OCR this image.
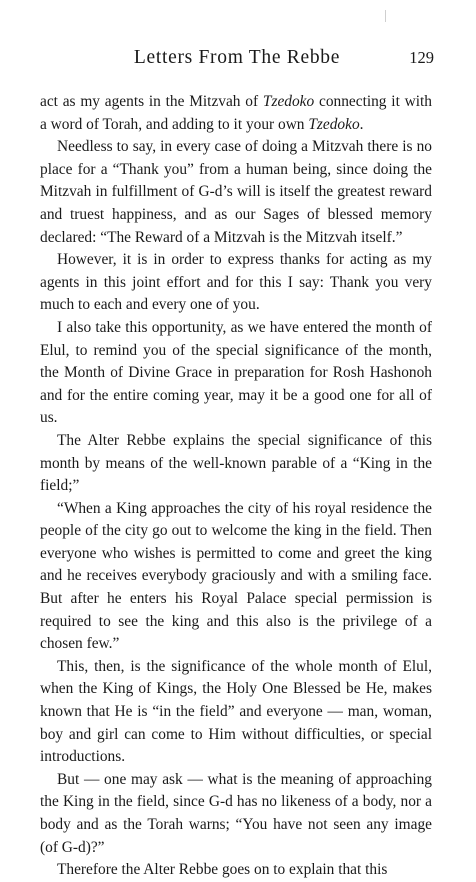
Letters From The Rebbe	129

act as my agents in the Mitzvah of Tzedoko connecting it with a word of Torah, and adding to it your own Tzedoko.

Needless to say, in every case of doing a Mitzvah there is no place for a “Thank you” from a human being, since doing the Mitzvah in fulfillment of G-d’s will is itself the greatest reward and truest happiness, and as our Sages of blessed memory declared: “The Reward of a Mitzvah is the Mitzvah itself.”

However, it is in order to express thanks for acting as my agents in this joint effort and for this I say: Thank you very much to each and every one of you.

I also take this opportunity, as we have entered the month of Elul, to remind you of the special significance of the month, the Month of Divine Grace in preparation for Rosh Hashonoh and for the entire coming year, may it be a good one for all of us.

The Alter Rebbe explains the special significance of this month by means of the well-known parable of a “King in the field;”

“When a King approaches the city of his royal residence the people of the city go out to welcome the king in the field. Then everyone who wishes is permitted to come and greet the king and he receives everybody graciously and with a smiling face. But after he enters his Royal Palace special permission is required to see the king and this also is the privilege of a chosen few.”

This, then, is the significance of the whole month of Elul, when the King of Kings, the Holy One Blessed be He, makes known that He is “in the field” and everyone — man, woman, boy and girl can come to Him without difficulties, or special introductions.

But — one may ask — what is the meaning of approaching the King in the field, since G-d has no likeness of a body, nor a body and as the Torah warns; “You have not seen any image (of G-d)?”

Therefore the Alter Rebbe goes on to explain that this
